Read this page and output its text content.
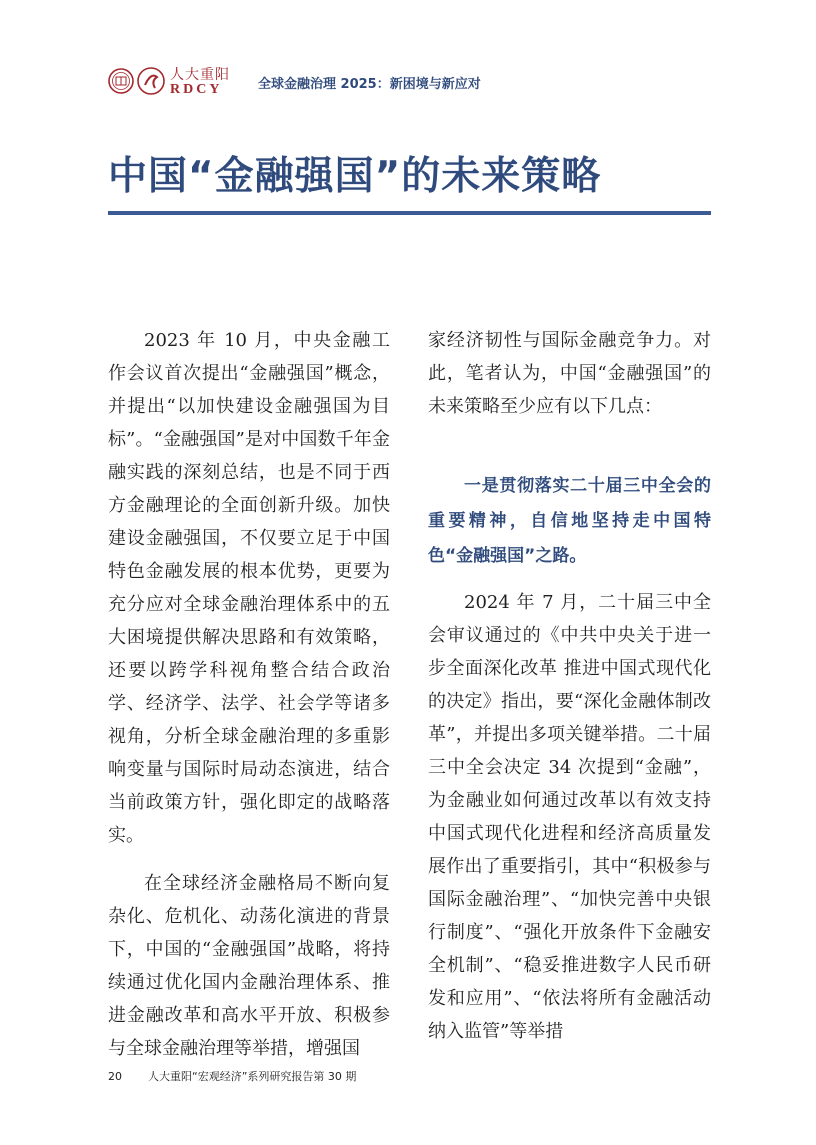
人大重阳
RDCY	全球金融治理 2025：新困境与新应对
中国“金融强国”的未来策略

2023 年 10 月，中央金融工作会议首次提出“金融强国”概念，并提出“以加快建设金融强国为目标”。“金融强国”是对中国数千年金融实践的深刻总结，也是不同于西方金融理论的全面创新升级。加快建设金融强国，不仅要立足于中国特色金融发展的根本优势，更要为充分应对全球金融治理体系中的五大困境提供解决思路和有效策略，还要以跨学科视角整合结合政治学、经济学、法学、社会学等诸多视角，分析全球金融治理的多重影响变量与国际时局动态演进，结合当前政策方针，强化即定的战略落实。

在全球经济金融格局不断向复杂化、危机化、动荡化演进的背景下，中国的“金融强国”战略，将持续通过优化国内金融治理体系、推进金融改革和高水平开放、积极参与全球金融治理等举措，增强国

家经济韧性与国际金融竞争力。对此，笔者认为，中国“金融强国”的未来策略至少应有以下几点：

一是贯彻落实二十届三中全会的重要精神，自信地坚持走中国特色“金融强国”之路。

2024 年 7 月，二十届三中全会审议通过的《中共中央关于进一步全面深化改革 推进中国式现代化的决定》指出，要“深化金融体制改革”，并提出多项关键举措。二十届三中全会决定 34 次提到“金融”，为金融业如何通过改革以有效支持中国式现代化进程和经济高质量发展作出了重要指引，其中“积极参与国际金融治理”、“加快完善中央银行制度”、“强化开放条件下金融安全机制”、“稳妥推进数字人民币研发和应用”、“依法将所有金融活动纳入监管”等举措

20 人大重阳“宏观经济”系列研究报告第 30 期
